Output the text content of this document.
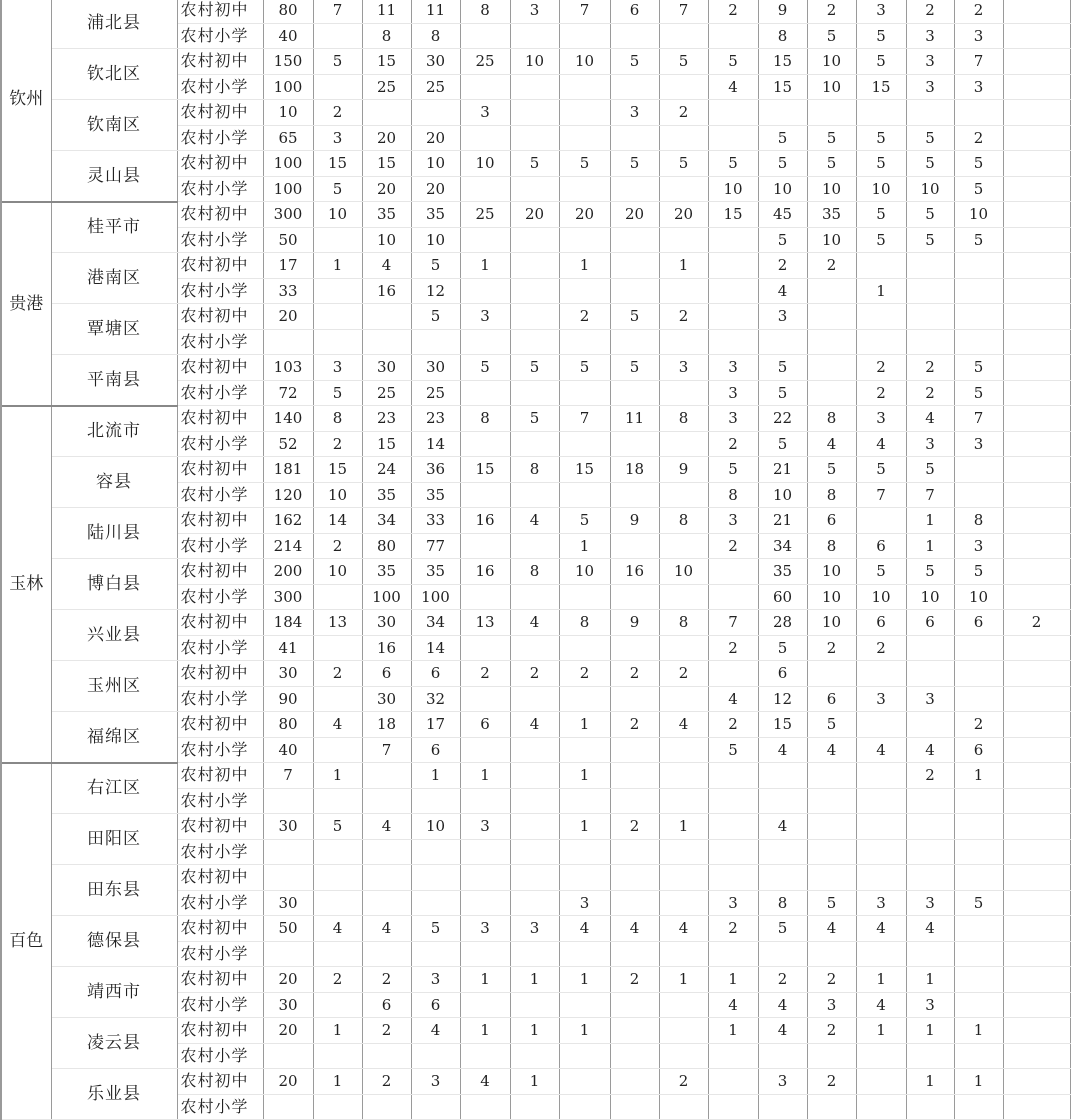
钦州	浦北县	农村初中	80	7	11	11	8	3	7	6	7	2	9	2	3	2	2	
		农村小学	40		8	8							8	5	5	3	3	
	钦北区	农村初中	150	5	15	30	25	10	10	5	5	5	15	10	5	3	7	
		农村小学	100		25	25						4	15	10	15	3	3	
	钦南区	农村初中	10	2			3			3	2							
		农村小学	65	3	20	20							5	5	5	5	2	
	灵山县	农村初中	100	15	15	10	10	5	5	5	5	5	5	5	5	5	5	
		农村小学	100	5	20	20						10	10	10	10	10	5	
贵港	桂平市	农村初中	300	10	35	35	25	20	20	20	20	15	45	35	5	5	10	
		农村小学	50		10	10							5	10	5	5	5	
	港南区	农村初中	17	1	4	5	1		1		1		2	2				
		农村小学	33		16	12							4		1			
	覃塘区	农村初中	20			5	3		2	5	2		3					
		农村小学																
	平南县	农村初中	103	3	30	30	5	5	5	5	3	3	5		2	2	5	
		农村小学	72	5	25	25						3	5		2	2	5	
玉林	北流市	农村初中	140	8	23	23	8	5	7	11	8	3	22	8	3	4	7	
		农村小学	52	2	15	14						2	5	4	4	3	3	
	容县	农村初中	181	15	24	36	15	8	15	18	9	5	21	5	5	5		
		农村小学	120	10	35	35						8	10	8	7	7		
	陆川县	农村初中	162	14	34	33	16	4	5	9	8	3	21	6		1	8	
		农村小学	214	2	80	77			1			2	34	8	6	1	3	
	博白县	农村初中	200	10	35	35	16	8	10	16	10		35	10	5	5	5	
		农村小学	300		100	100							60	10	10	10	10	
	兴业县	农村初中	184	13	30	34	13	4	8	9	8	7	28	10	6	6	6	2
		农村小学	41		16	14						2	5	2	2			
	玉州区	农村初中	30	2	6	6	2	2	2	2	2		6					
		农村小学	90		30	32						4	12	6	3	3		
	福绵区	农村初中	80	4	18	17	6	4	1	2	4	2	15	5			2	
		农村小学	40		7	6						5	4	4	4	4	6	
百色	右江区	农村初中	7	1		1	1		1							2	1	
		农村小学																
	田阳区	农村初中	30	5	4	10	3		1	2	1		4					
		农村小学																
	田东县	农村初中																
		农村小学	30						3			3	8	5	3	3	5	
	德保县	农村初中	50	4	4	5	3	3	4	4	4	2	5	4	4	4		
		农村小学																
	靖西市	农村初中	20	2	2	3	1	1	1	2	1	1	2	2	1	1		
		农村小学	30		6	6						4	4	3	4	3		
	凌云县	农村初中	20	1	2	4	1	1	1			1	4	2	1	1	1	
		农村小学																
	乐业县	农村初中	20	1	2	3	4	1			2		3	2		1	1	
		农村小学																
